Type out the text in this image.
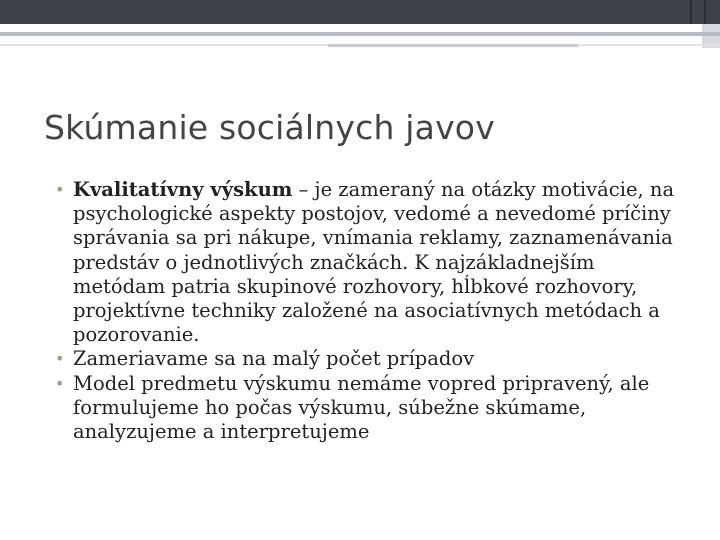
Skúmanie sociálnych javov
• Kvalitatívny výskum – je zameraný na otázky motivácie, na psychologické aspekty postojov, vedomé a nevedomé príčiny správania sa pri nákupe, vnímania reklamy, zaznamenávania predstáv o jednotlivých značkách. K najzákladnejším metódam patria skupinové rozhovory, hĺbkové rozhovory, projektívne techniky založené na asociatívnych metódach a pozorovanie.
• Zameriavame sa na malý počet prípadov
• Model predmetu výskumu nemáme vopred pripravený, ale formulujeme ho počas výskumu, súbežne skúmame, analyzujeme a interpretujeme
